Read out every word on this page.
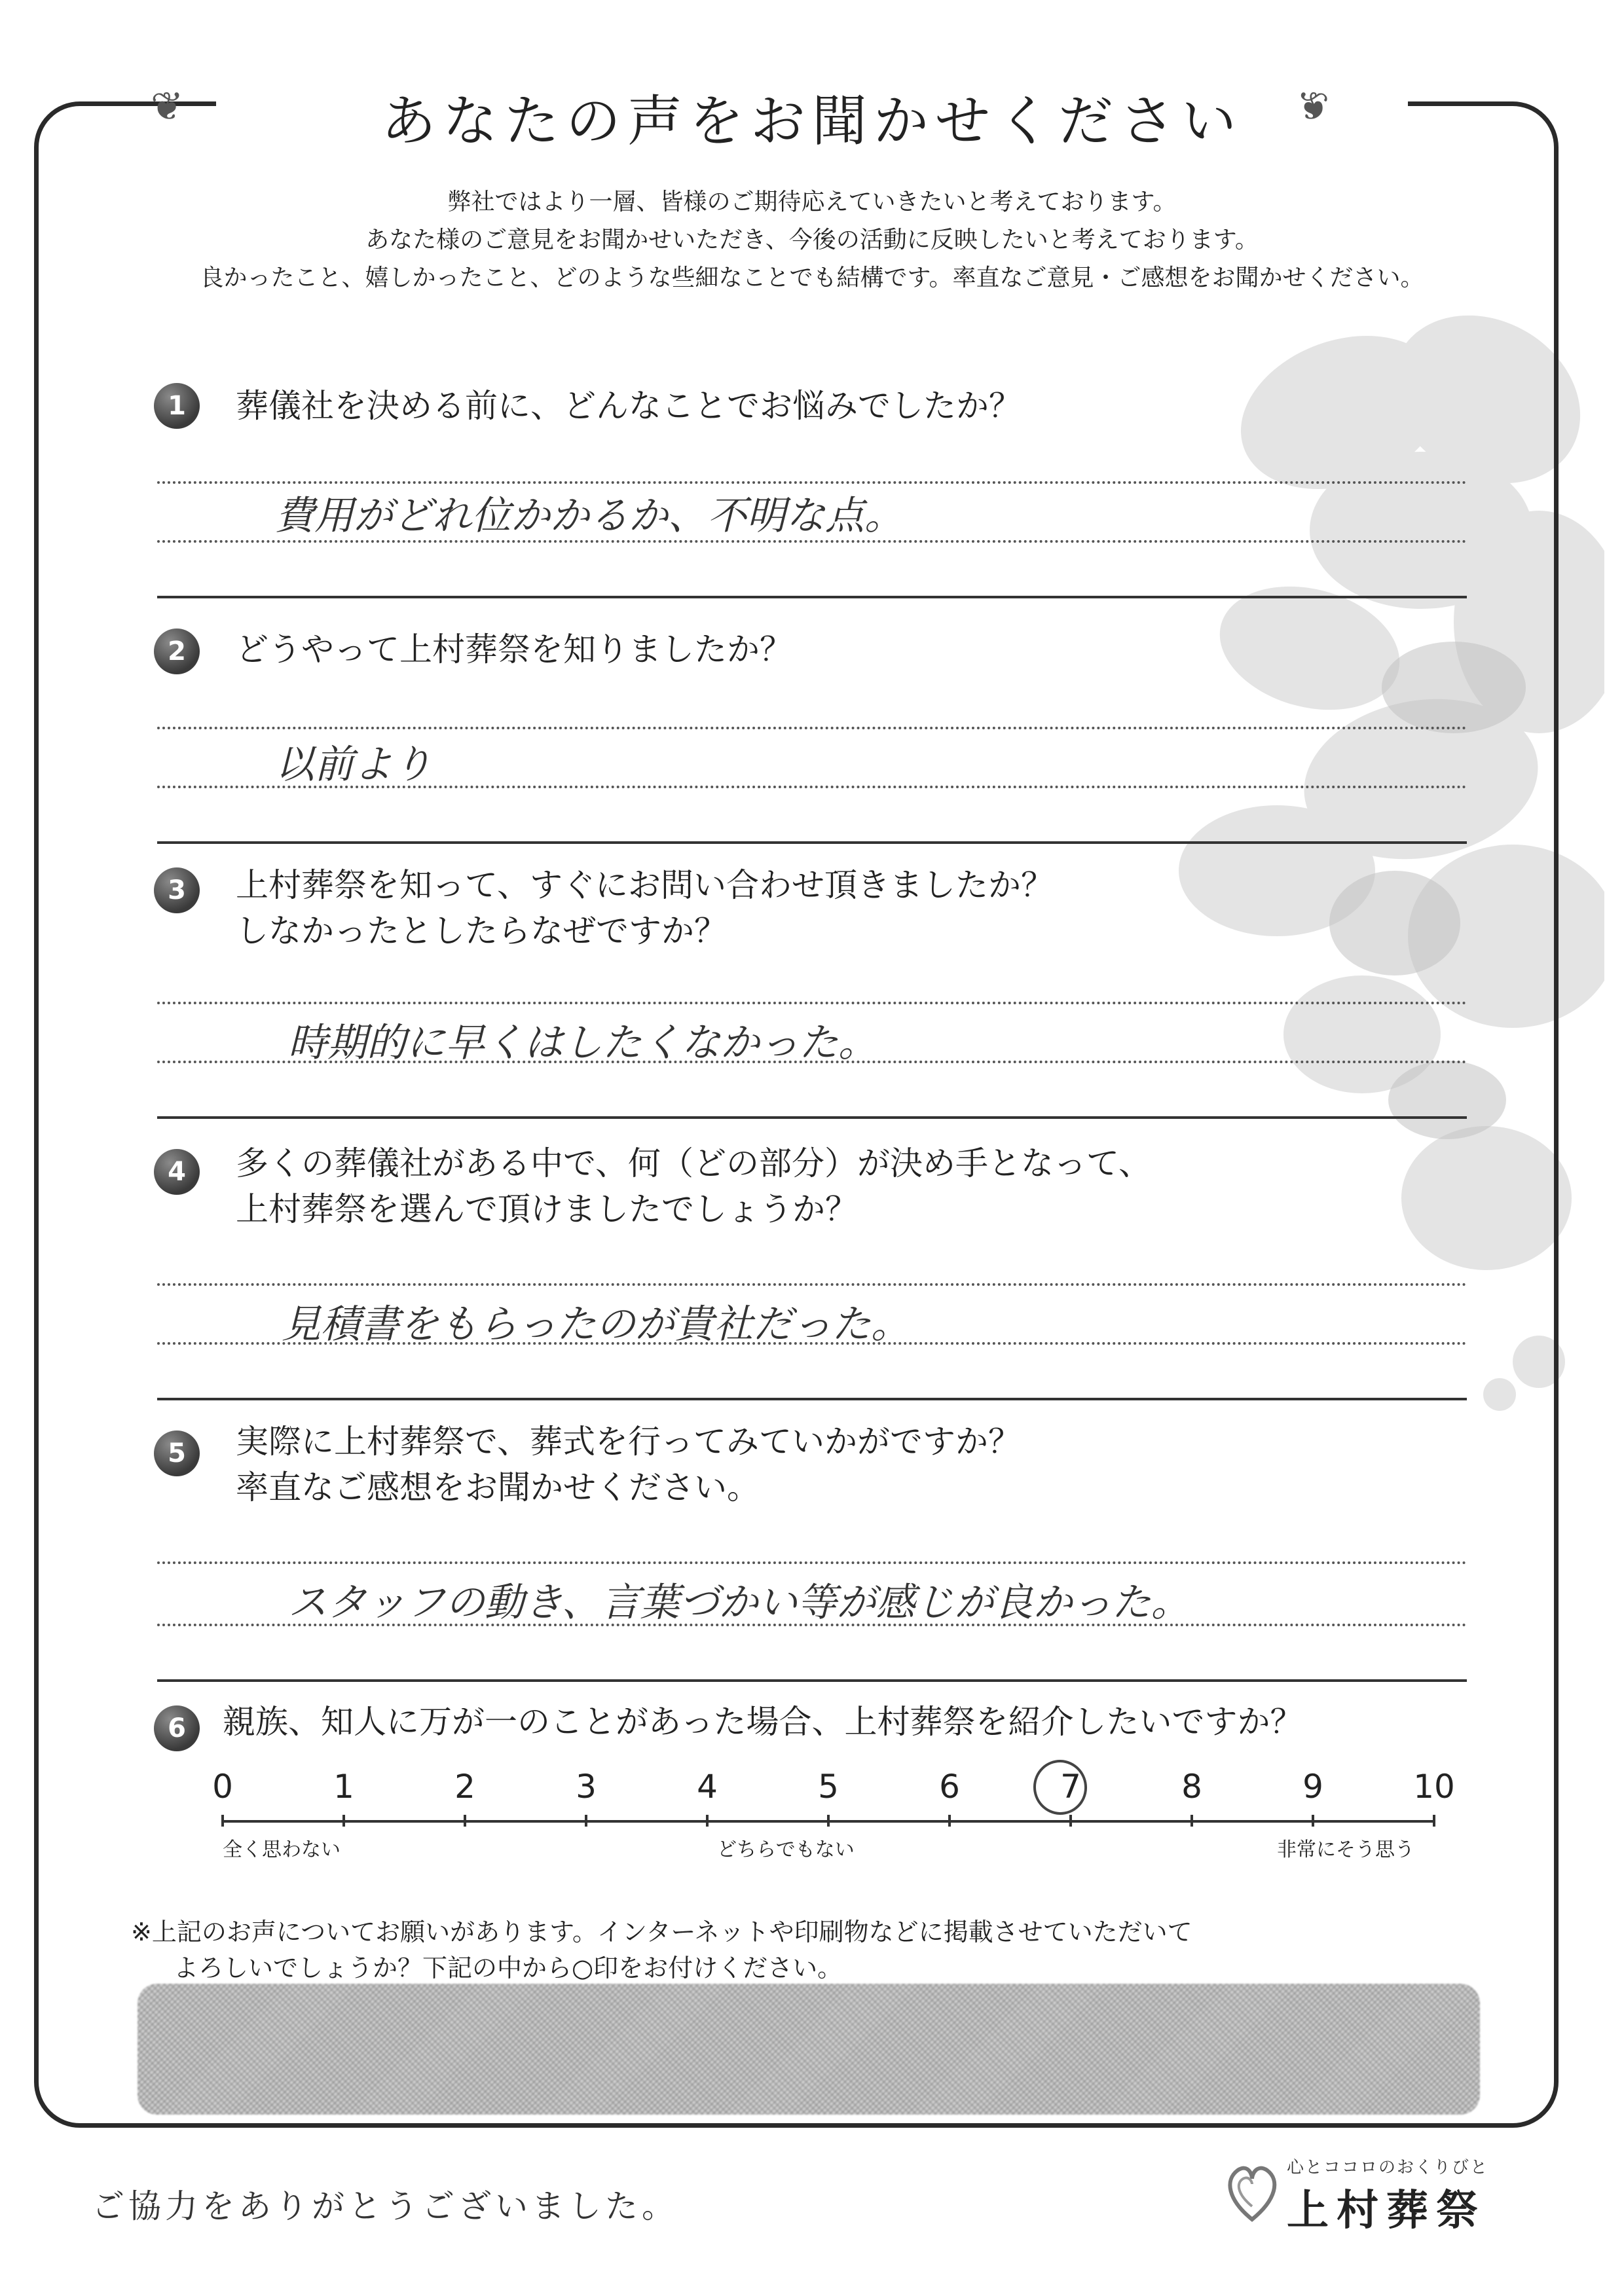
❦	❦
あなたの声をお聞かせください
弊社ではより一層、皆様のご期待応えていきたいと考えております。
あなた様のご意見をお聞かせいただき、今後の活動に反映したいと考えております。
良かったこと、嬉しかったこと、どのような些細なことでも結構です。率直なご意見・ご感想をお聞かせください。
1	葬儀社を決める前に、どんなことでお悩みでしたか？
費用がどれ位かかるか、不明な点。
2	どうやって上村葬祭を知りましたか？
以前より
3	上村葬祭を知って、すぐにお問い合わせ頂きましたか？
しなかったとしたらなぜですか？
時期的に早くはしたくなかった。
4	多くの葬儀社がある中で、何（どの部分）が決め手となって、
上村葬祭を選んで頂けましたでしょうか？
見積書をもらったのが貴社だった。
5	実際に上村葬祭で、葬式を行ってみていかがですか？
率直なご感想をお聞かせください。
スタッフの動き、言葉づかい等が感じが良かった。
6	親族、知人に万が一のことがあった場合、上村葬祭を紹介したいですか？
0	1	2	3	4	5	6	7	8	9	10
全く思わない	どちらでもない	非常にそう思う
※上記のお声についてお願いがあります。インターネットや印刷物などに掲載させていただいて
よろしいでしょうか？下記の中から○印をお付けください。
ご協力をありがとうございました。
心とココロのおくりびと
上村葬祭
